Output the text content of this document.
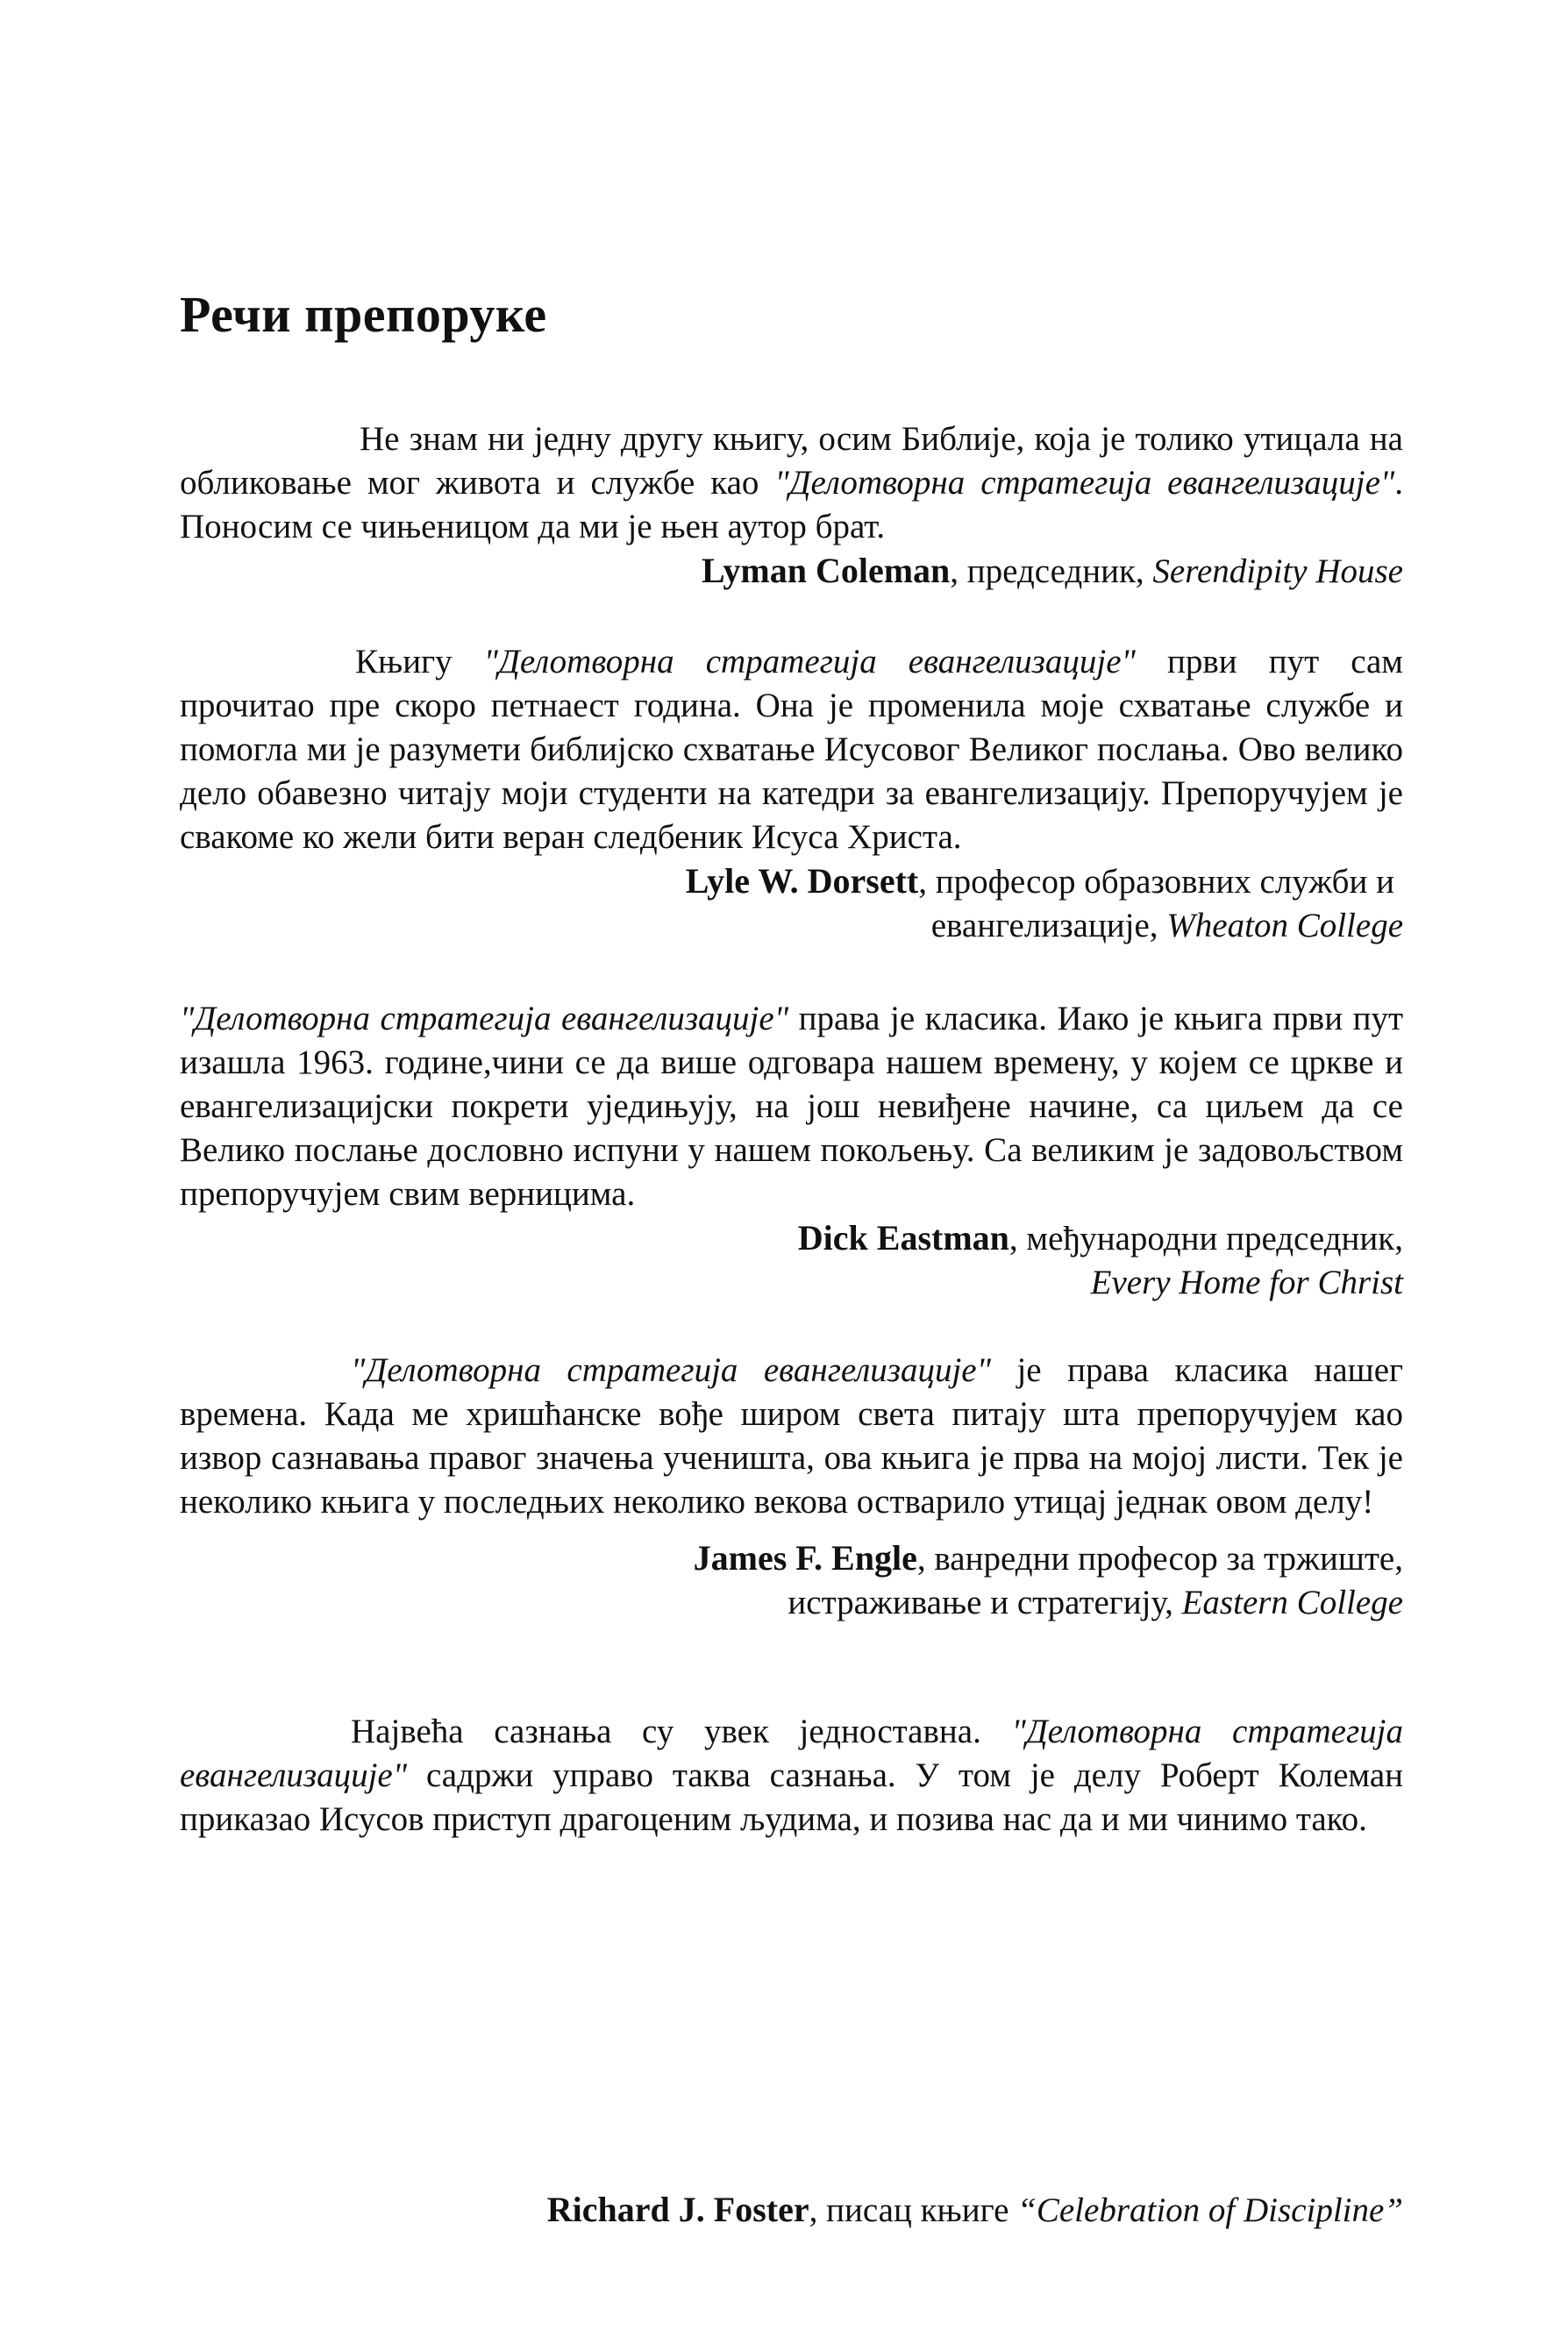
Речи препоруке

Не знам ни једну другу књигу, осим Библије, која је толико утицала на обликовање мог живота и службе као "Делотворна стратегија евангелизације". Поносим се чињеницом да ми је њен аутор брат.

Lyman Coleman, председник, Serendipity House

Књигу "Делотворна стратегија евангелизације" први пут сам прочитао пре скоро петнаест година. Она је променила моје схватање службе и помогла ми је разумети библијско схватање Исусовог Великог послања. Ово велико дело обавезно читају моји студенти на катедри за евангелизацију. Препоручујем је свакоме ко жели бити веран следбеник Исуса Христа.

Lyle W. Dorsett, професор образовних служби и

евангелизације, Wheaton College

"Делотворна стратегија евангелизације" права је класика. Иако је књига први пут изашла 1963. године,чини се да више одговара нашем времену, у којем се цркве и евангелизацијски покрети уједињују, на још невиђене начине, са циљем да се Велико послање дословно испуни у нашем покољењу. Са великим је задовољством препоручујем свим верницима.

Dick Eastman, међународни председник,

Every Home for Christ

"Делотворна стратегија евангелизације" је права класика нашег времена. Када ме хришћанске вође широм света питају шта препоручујем као извор сазнавања правог значења ученишта, ова књига је прва на мојој листи. Тек је неколико књига у последњих неколико векова остварило утицај једнак овом делу!

James F. Engle, ванредни професор за тржиште,

истраживање и стратегију, Eastern College

Највећа сазнања су увек једноставна. "Делотворна стратегија евангелизације" садржи управо таква сазнања. У том је делу Роберт Колеман приказао Исусов приступ драгоценим људима, и позива нас да и ми чинимо тако.

Richard J. Foster, писац књиге “Celebration of Discipline”
